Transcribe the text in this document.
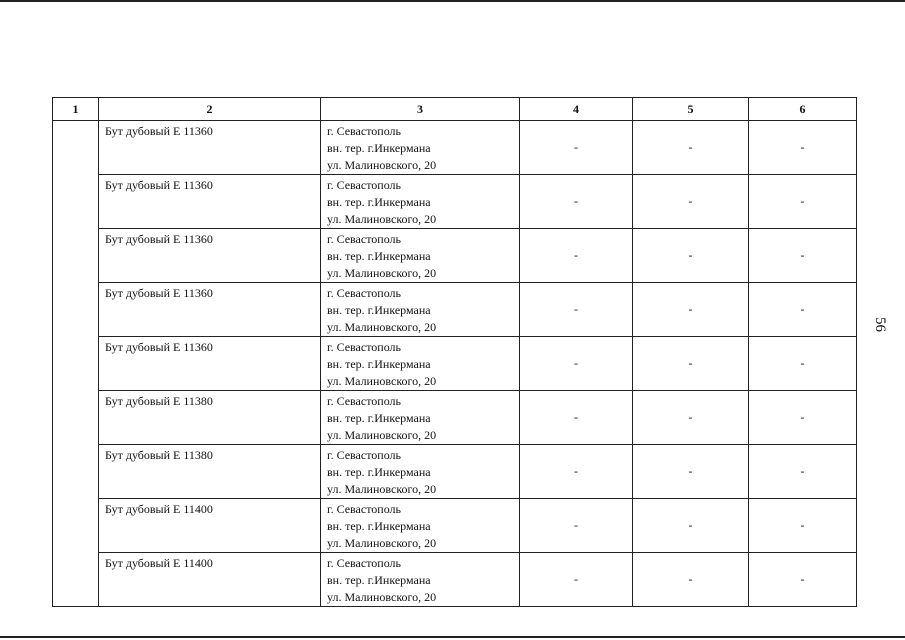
56
1	2	3	4	5	6
	Бут дубовый Е 11360	г. Севастополь
вн. тер. г.Инкермана
ул. Малиновского, 20	-	-	-
	Бут дубовый Е 11360	г. Севастополь
вн. тер. г.Инкермана
ул. Малиновского, 20	-	-	-
	Бут дубовый Е 11360	г. Севастополь
вн. тер. г.Инкермана
ул. Малиновского, 20	-	-	-
	Бут дубовый Е 11360	г. Севастополь
вн. тер. г.Инкермана
ул. Малиновского, 20	-	-	-
	Бут дубовый Е 11360	г. Севастополь
вн. тер. г.Инкермана
ул. Малиновского, 20	-	-	-
	Бут дубовый Е 11380	г. Севастополь
вн. тер. г.Инкермана
ул. Малиновского, 20	-	-	-
	Бут дубовый Е 11380	г. Севастополь
вн. тер. г.Инкермана
ул. Малиновского, 20	-	-	-
	Бут дубовый Е 11400	г. Севастополь
вн. тер. г.Инкермана
ул. Малиновского, 20	-	-	-
	Бут дубовый Е 11400	г. Севастополь
вн. тер. г.Инкермана
ул. Малиновского, 20	-	-	-
